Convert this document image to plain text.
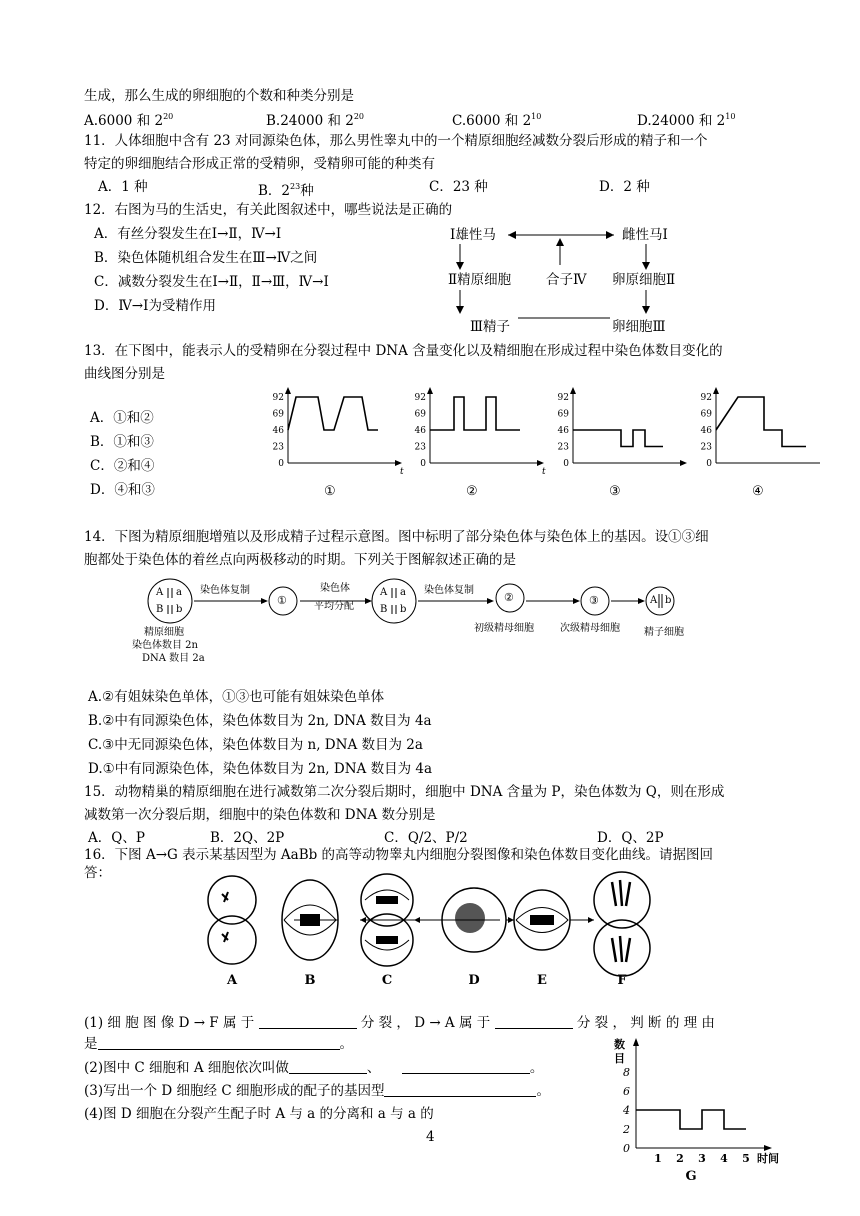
生成，那么生成的卵细胞的个数和种类分别是
A.6000 和 $2^{20}$	B.24000 和 $2^{20}$	C.6000 和 $2^{10}$	D.24000 和 $2^{10}$
11．人体细胞中含有 23 对同源染色体，那么男性睾丸中的一个精原细胞经减数分裂后形成的精子和一个
特定的卵细胞结合形成正常的受精卵，受精卵可能的种类有
A．1 种	B．$2^{23}$种	C．23 种	D．2 种
12．右图为马的生活史，有关此图叙述中，哪些说法是正确的
A．有丝分裂发生在Ⅰ→Ⅱ，Ⅳ→Ⅰ
B．染色体随机组合发生在Ⅲ→Ⅳ之间
C．减数分裂发生在Ⅰ→Ⅱ，Ⅱ→Ⅲ，Ⅳ→Ⅰ
D．Ⅳ→Ⅰ为受精作用
Ⅰ雄性马	雌性马Ⅰ
Ⅱ精原细胞	合子Ⅳ 卵原细胞Ⅱ
Ⅲ精子	卵细胞Ⅲ
13．在下图中，能表示人的受精卵在分裂过程中 DNA 含量变化以及精细胞在形成过程中染色体数目变化的
曲线图分别是
A．①和②
B．①和③
C．②和④
D．④和③
92
69
46
23
0
t
①
92
69
46
23
0
t
②
92
69
46
23
0
③
92
69
46
23
0
④
14．下图为精原细胞增殖以及形成精子过程示意图。图中标明了部分染色体与染色体上的基因。设①③细
胞都处于染色体的着丝点向两极移动的时期。下列关于图解叙述正确的是
A a
B b
A a
B b
A b
染色体复制	染色体
平均分配
染色体复制
①	②	③
精原细胞
染色体数目 2n
DNA 数目 2a
初级精母细胞	次级精母细胞 精子细胞
A.②有姐妹染色单体，①③也可能有姐妹染色单体
B.②中有同源染色体，染色体数目为 2n, DNA 数目为 4a
C.③中无同源染色体，染色体数目为 n, DNA 数目为 2a
D.①中有同源染色体，染色体数目为 2n, DNA 数目为 4a
15．动物精巢的精原细胞在进行减数第二次分裂后期时，细胞中 DNA 含量为 P，染色体数为 Q，则在形成
减数第一次分裂后期，细胞中的染色体数和 DNA 数分别是
A．Q、P	B．2Q、2P	C．Q/2、P/2	D．Q、2P
16．下图 A→G 表示某基因型为 AaBb 的高等动物睾丸内细胞分裂图像和染色体数目变化曲线。请据图回
答：
A	B	C	D	E	F
(1) 细 胞 图 像 D → F 属 于	分 裂 ， D → A 属 于	分 裂 ， 判 断 的 理 由
是	。
(2)图中 C 细胞和 A 细胞依次叫做	、	。
(3)写出一个 D 细胞经 C 细胞形成的配子的基因型	。
(4)图 D 细胞在分裂产生配子时 A 与 a 的分离和 a 与 a 的
数
目
8
6
4
2
0
1 2 3 4 5 时间
G
4
